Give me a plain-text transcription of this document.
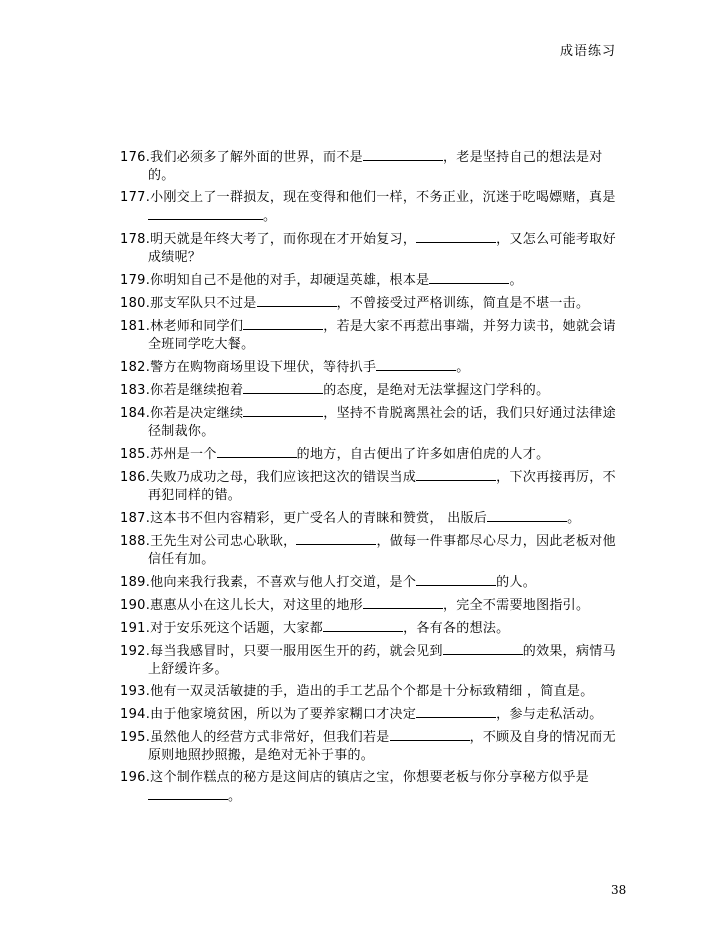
成语练习
176.我们必须多了解外面的世界，而不是	，老是坚持自己的想法是对的。
177.小刚交上了一群损友，现在变得和他们一样，不务正业，沉迷于吃喝嫖赌，真是。
178.明天就是年终大考了，而你现在才开始复习，	，又怎么可能考取好成绩呢？
179.你明知自己不是他的对手，却硬逞英雄，根本是	。
180.那支军队只不过是	，不曾接受过严格训练，简直是不堪一击。
181.林老师和同学们	，若是大家不再惹出事端，并努力读书，她就会请全班同学吃大餐。
182.警方在购物商场里设下埋伏，等待扒手	。
183.你若是继续抱着	的态度，是绝对无法掌握这门学科的。
184.你若是决定继续	，坚持不肯脱离黑社会的话，我们只好通过法律途径制裁你。
185.苏州是一个	的地方，自古便出了许多如唐伯虎的人才。
186.失败乃成功之母，我们应该把这次的错误当成	，下次再接再厉，不再犯同样的错。
187.这本书不但内容精彩，更广受名人的青睐和赞赏， 出版后	。
188.王先生对公司忠心耿耿，	，做每一件事都尽心尽力，因此老板对他信任有加。
189.他向来我行我素，不喜欢与他人打交道，是个	的人。
190.惠惠从小在这儿长大，对这里的地形	，完全不需要地图指引。
191.对于安乐死这个话题，大家都	，各有各的想法。
192.每当我感冒时，只要一服用医生开的药，就会见到	的效果，病情马上舒缓许多。
193.他有一双灵活敏捷的手，造出的手工艺品个个都是十分标致精细 ，简直是。
194.由于他家境贫困，所以为了要养家糊口才决定	，参与走私活动。
195.虽然他人的经营方式非常好，但我们若是	，不顾及自身的情况而无原则地照抄照搬，是绝对无补于事的。
196.这个制作糕点的秘方是这间店的镇店之宝，你想要老板与你分享秘方似乎是。
38
